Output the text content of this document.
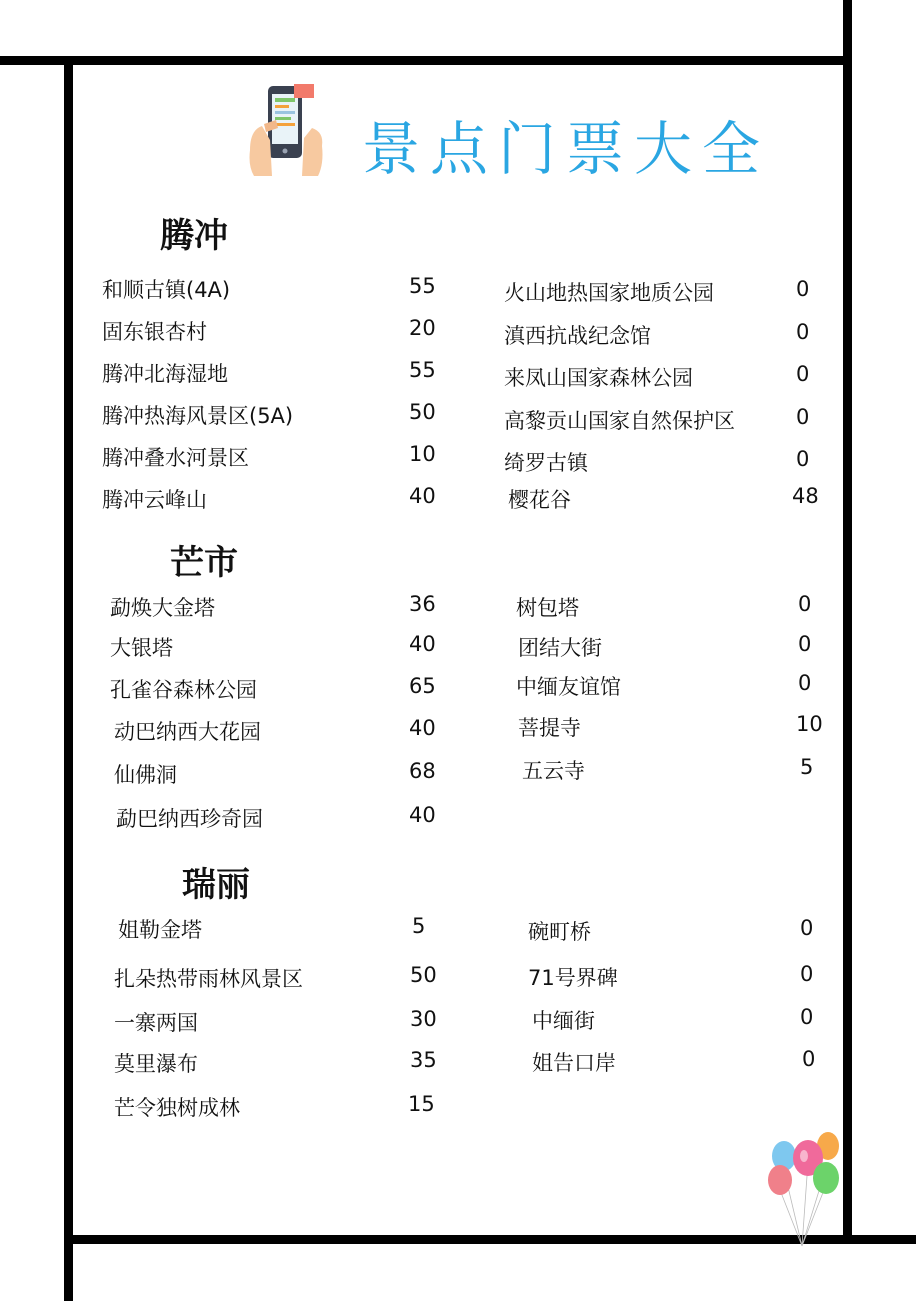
景点门票大全
腾冲
和顺古镇(4A)	55
固东银杏村	20
腾冲北海湿地	55
腾冲热海风景区(5A)	50
腾冲叠水河景区	10
腾冲云峰山	40
火山地热国家地质公园	0
滇西抗战纪念馆	0
来凤山国家森林公园	0
高黎贡山国家自然保护区	0
绮罗古镇	0
樱花谷	48
芒市
勐焕大金塔	36
大银塔	40
孔雀谷森林公园	65
动巴纳西大花园	40
仙佛洞	68
勐巴纳西珍奇园	40
树包塔	0
团结大街	0
中缅友谊馆	0
菩提寺	10
五云寺	5
瑞丽
姐勒金塔	5
扎朵热带雨林风景区	50
一寨两国	30
莫里瀑布	35
芒令独树成林	15
碗町桥	0
71号界碑	0
中缅街	0
姐告口岸	0
